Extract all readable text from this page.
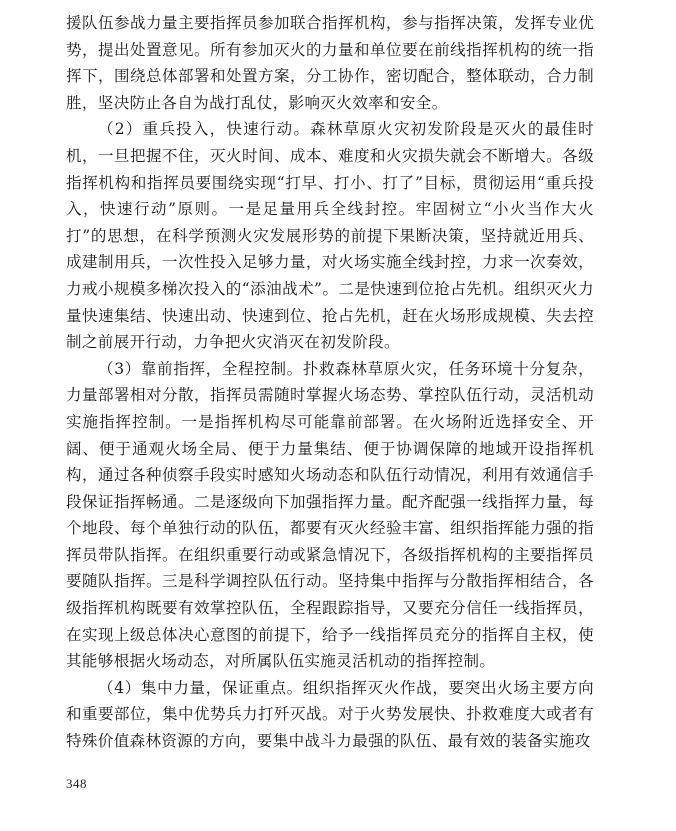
援队伍参战力量主要指挥员参加联合指挥机构，参与指挥决策，发挥专业优势，提出处置意见。所有参加灭火的力量和单位要在前线指挥机构的统一指挥下，围绕总体部署和处置方案，分工协作，密切配合，整体联动，合力制胜，坚决防止各自为战打乱仗，影响灭火效率和安全。

（2）重兵投入，快速行动。森林草原火灾初发阶段是灭火的最佳时机，一旦把握不住，灭火时间、成本、难度和火灾损失就会不断增大。各级指挥机构和指挥员要围绕实现“打早、打小、打了”目标，贯彻运用“重兵投入，快速行动”原则。一是足量用兵全线封控。牢固树立“小火当作大火打”的思想，在科学预测火灾发展形势的前提下果断决策，坚持就近用兵、成建制用兵，一次性投入足够力量，对火场实施全线封控，力求一次奏效，力戒小规模多梯次投入的“添油战术”。二是快速到位抢占先机。组织灭火力量快速集结、快速出动、快速到位、抢占先机，赶在火场形成规模、失去控制之前展开行动，力争把火灾消灭在初发阶段。

（3）靠前指挥，全程控制。扑救森林草原火灾，任务环境十分复杂，力量部署相对分散，指挥员需随时掌握火场态势、掌控队伍行动，灵活机动实施指挥控制。一是指挥机构尽可能靠前部署。在火场附近选择安全、开阔、便于通观火场全局、便于力量集结、便于协调保障的地域开设指挥机构，通过各种侦察手段实时感知火场动态和队伍行动情况，利用有效通信手段保证指挥畅通。二是逐级向下加强指挥力量。配齐配强一线指挥力量，每个地段、每个单独行动的队伍，都要有灭火经验丰富、组织指挥能力强的指挥员带队指挥。在组织重要行动或紧急情况下，各级指挥机构的主要指挥员要随队指挥。三是科学调控队伍行动。坚持集中指挥与分散指挥相结合，各级指挥机构既要有效掌控队伍，全程跟踪指导，又要充分信任一线指挥员，在实现上级总体决心意图的前提下，给予一线指挥员充分的指挥自主权，使其能够根据火场动态，对所属队伍实施灵活机动的指挥控制。

（4）集中力量，保证重点。组织指挥灭火作战，要突出火场主要方向和重要部位，集中优势兵力打歼灭战。对于火势发展快、扑救难度大或者有特殊价值森林资源的方向，要集中战斗力最强的队伍、最有效的装备实施攻

348
